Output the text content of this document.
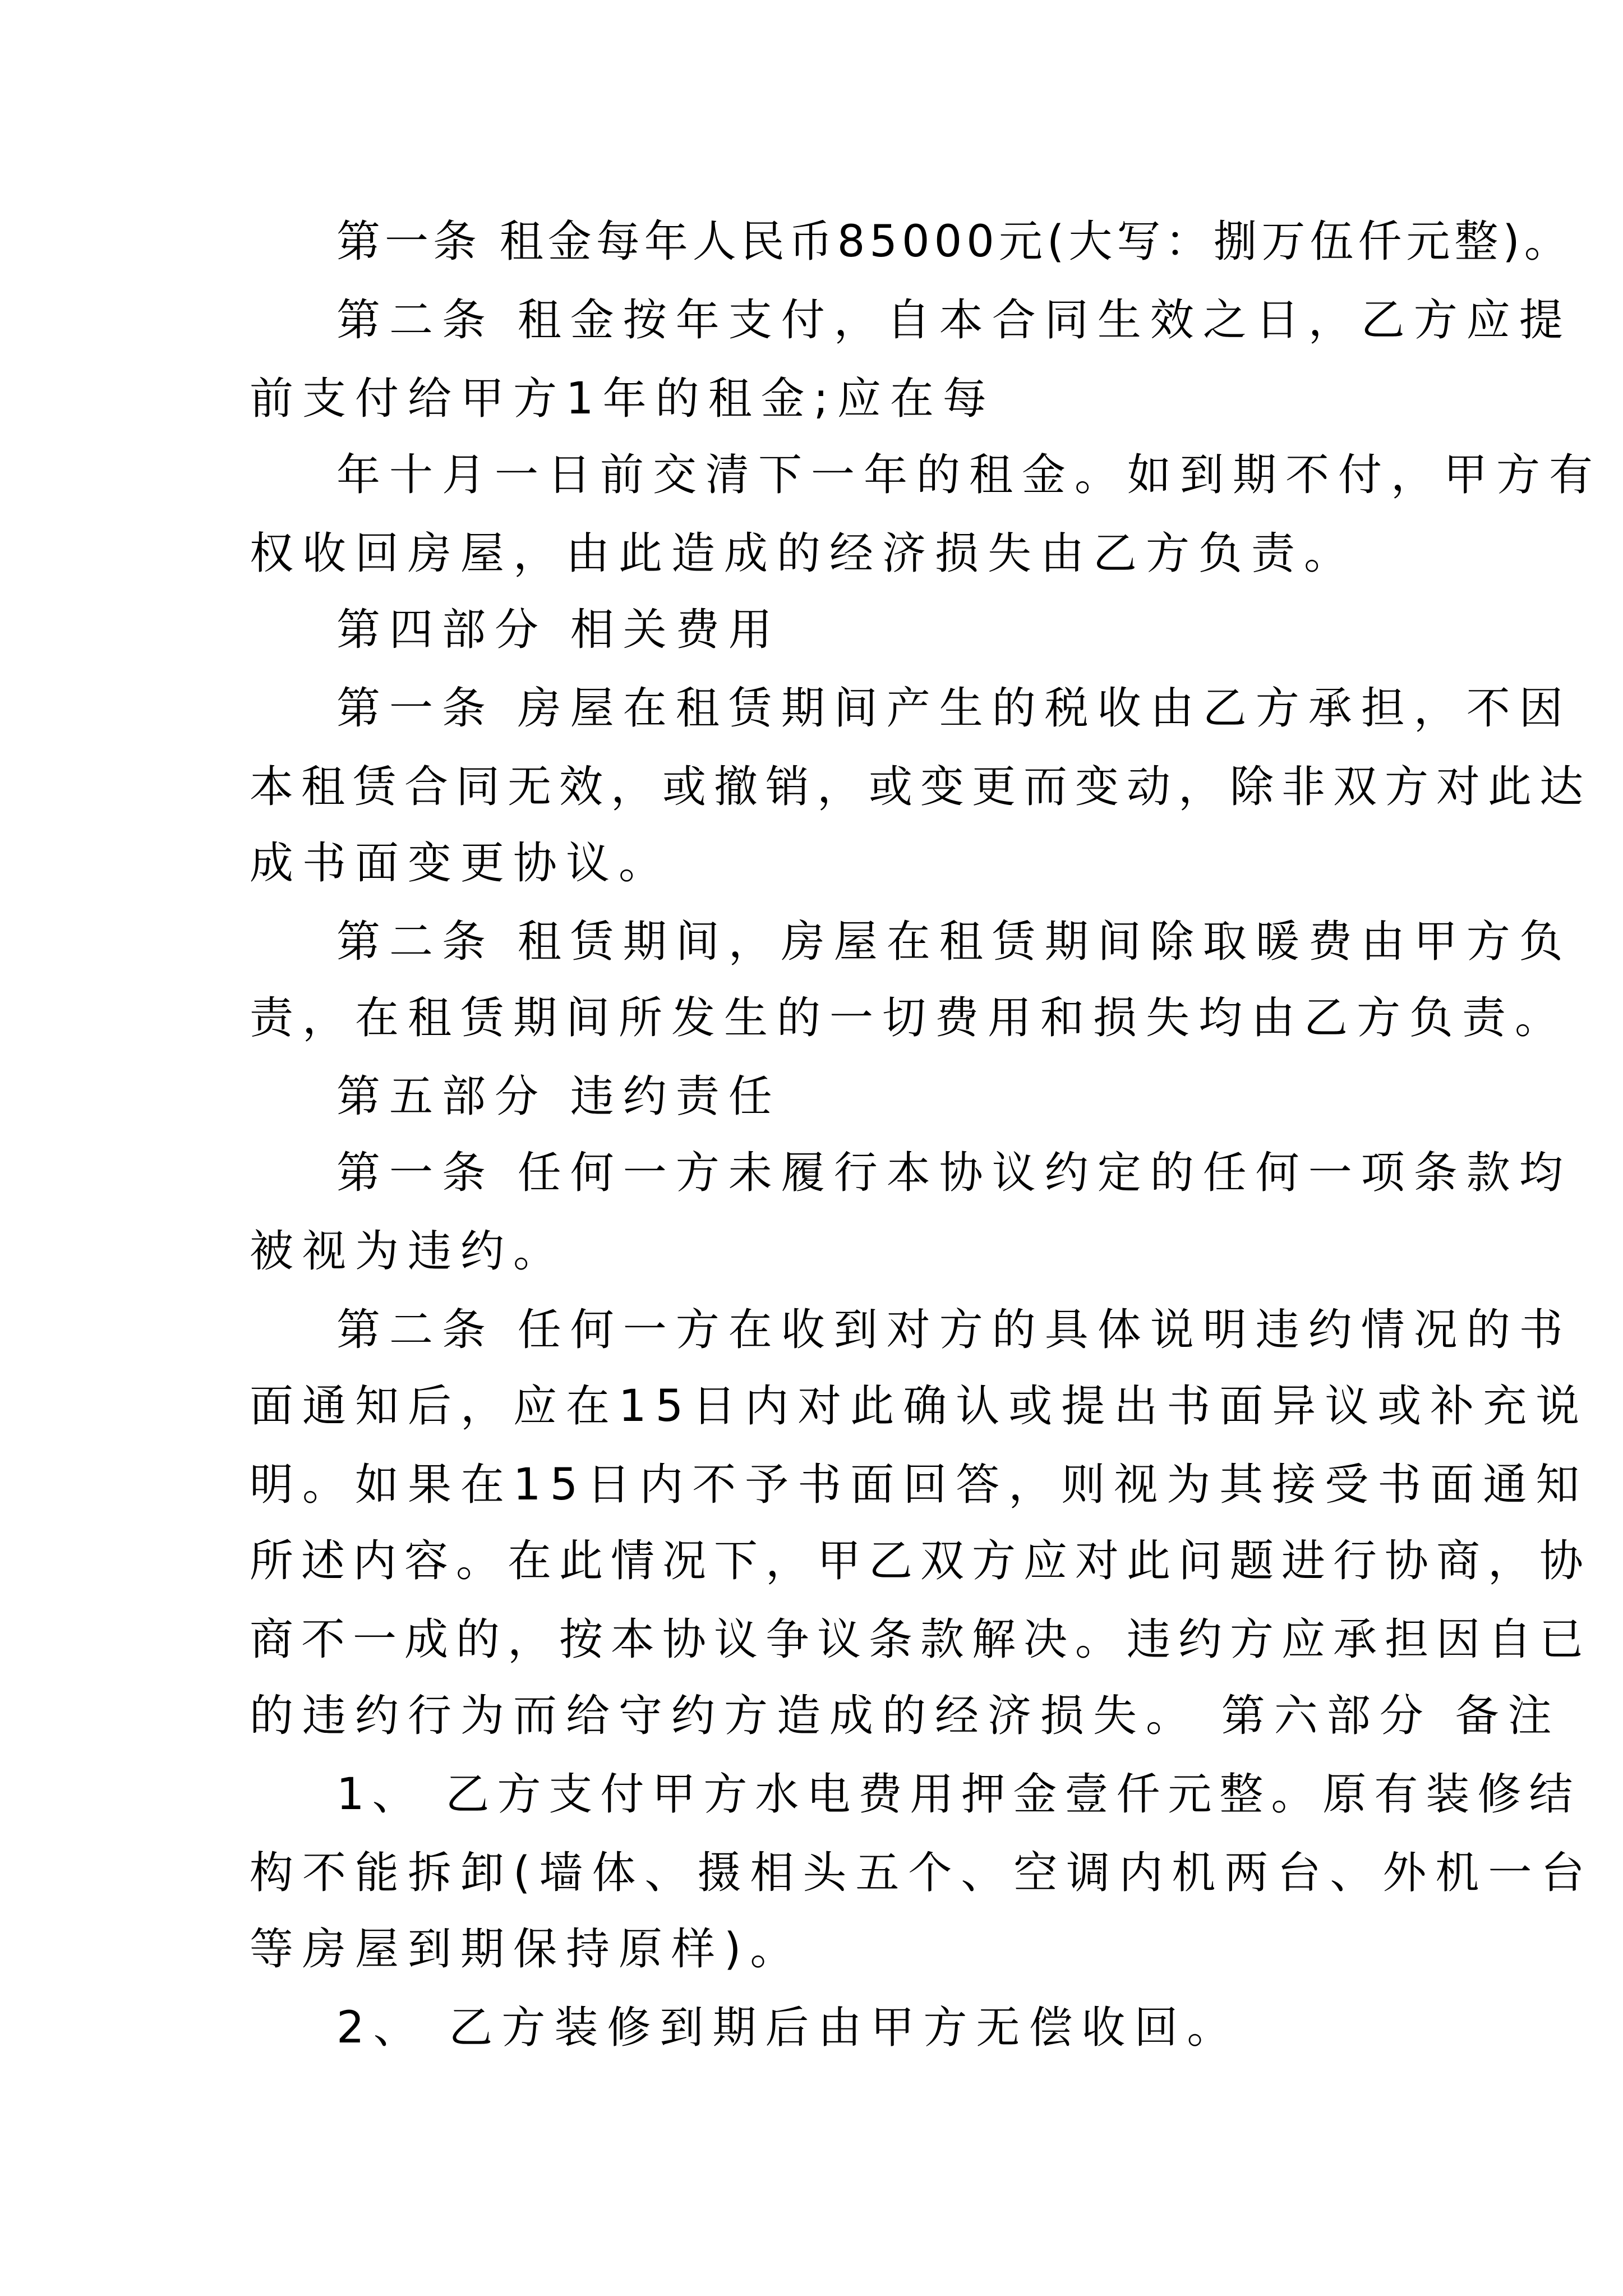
第一条 租金每年人民币85000元(大写：捌万伍仟元整)。
第二条 租金按年支付，自本合同生效之日，乙方应提
前支付给甲方1年的租金;应在每
年十月一日前交清下一年的租金。如到期不付，甲方有
权收回房屋，由此造成的经济损失由乙方负责。
第四部分 相关费用
第一条 房屋在租赁期间产生的税收由乙方承担，不因
本租赁合同无效，或撤销，或变更而变动，除非双方对此达
成书面变更协议。
第二条 租赁期间，房屋在租赁期间除取暖费由甲方负
责，在租赁期间所发生的一切费用和损失均由乙方负责。
第五部分 违约责任
第一条 任何一方未履行本协议约定的任何一项条款均
被视为违约。
第二条 任何一方在收到对方的具体说明违约情况的书
面通知后，应在15日内对此确认或提出书面异议或补充说
明。如果在15日内不予书面回答，则视为其接受书面通知
所述内容。在此情况下，甲乙双方应对此问题进行协商，协
商不一成的，按本协议争议条款解决。违约方应承担因自已
的违约行为而给守约方造成的经济损失。 第六部分 备注
1、 乙方支付甲方水电费用押金壹仟元整。原有装修结
构不能拆卸(墙体、摄相头五个、空调内机两台、外机一台
等房屋到期保持原样)。
2、 乙方装修到期后由甲方无偿收回。
